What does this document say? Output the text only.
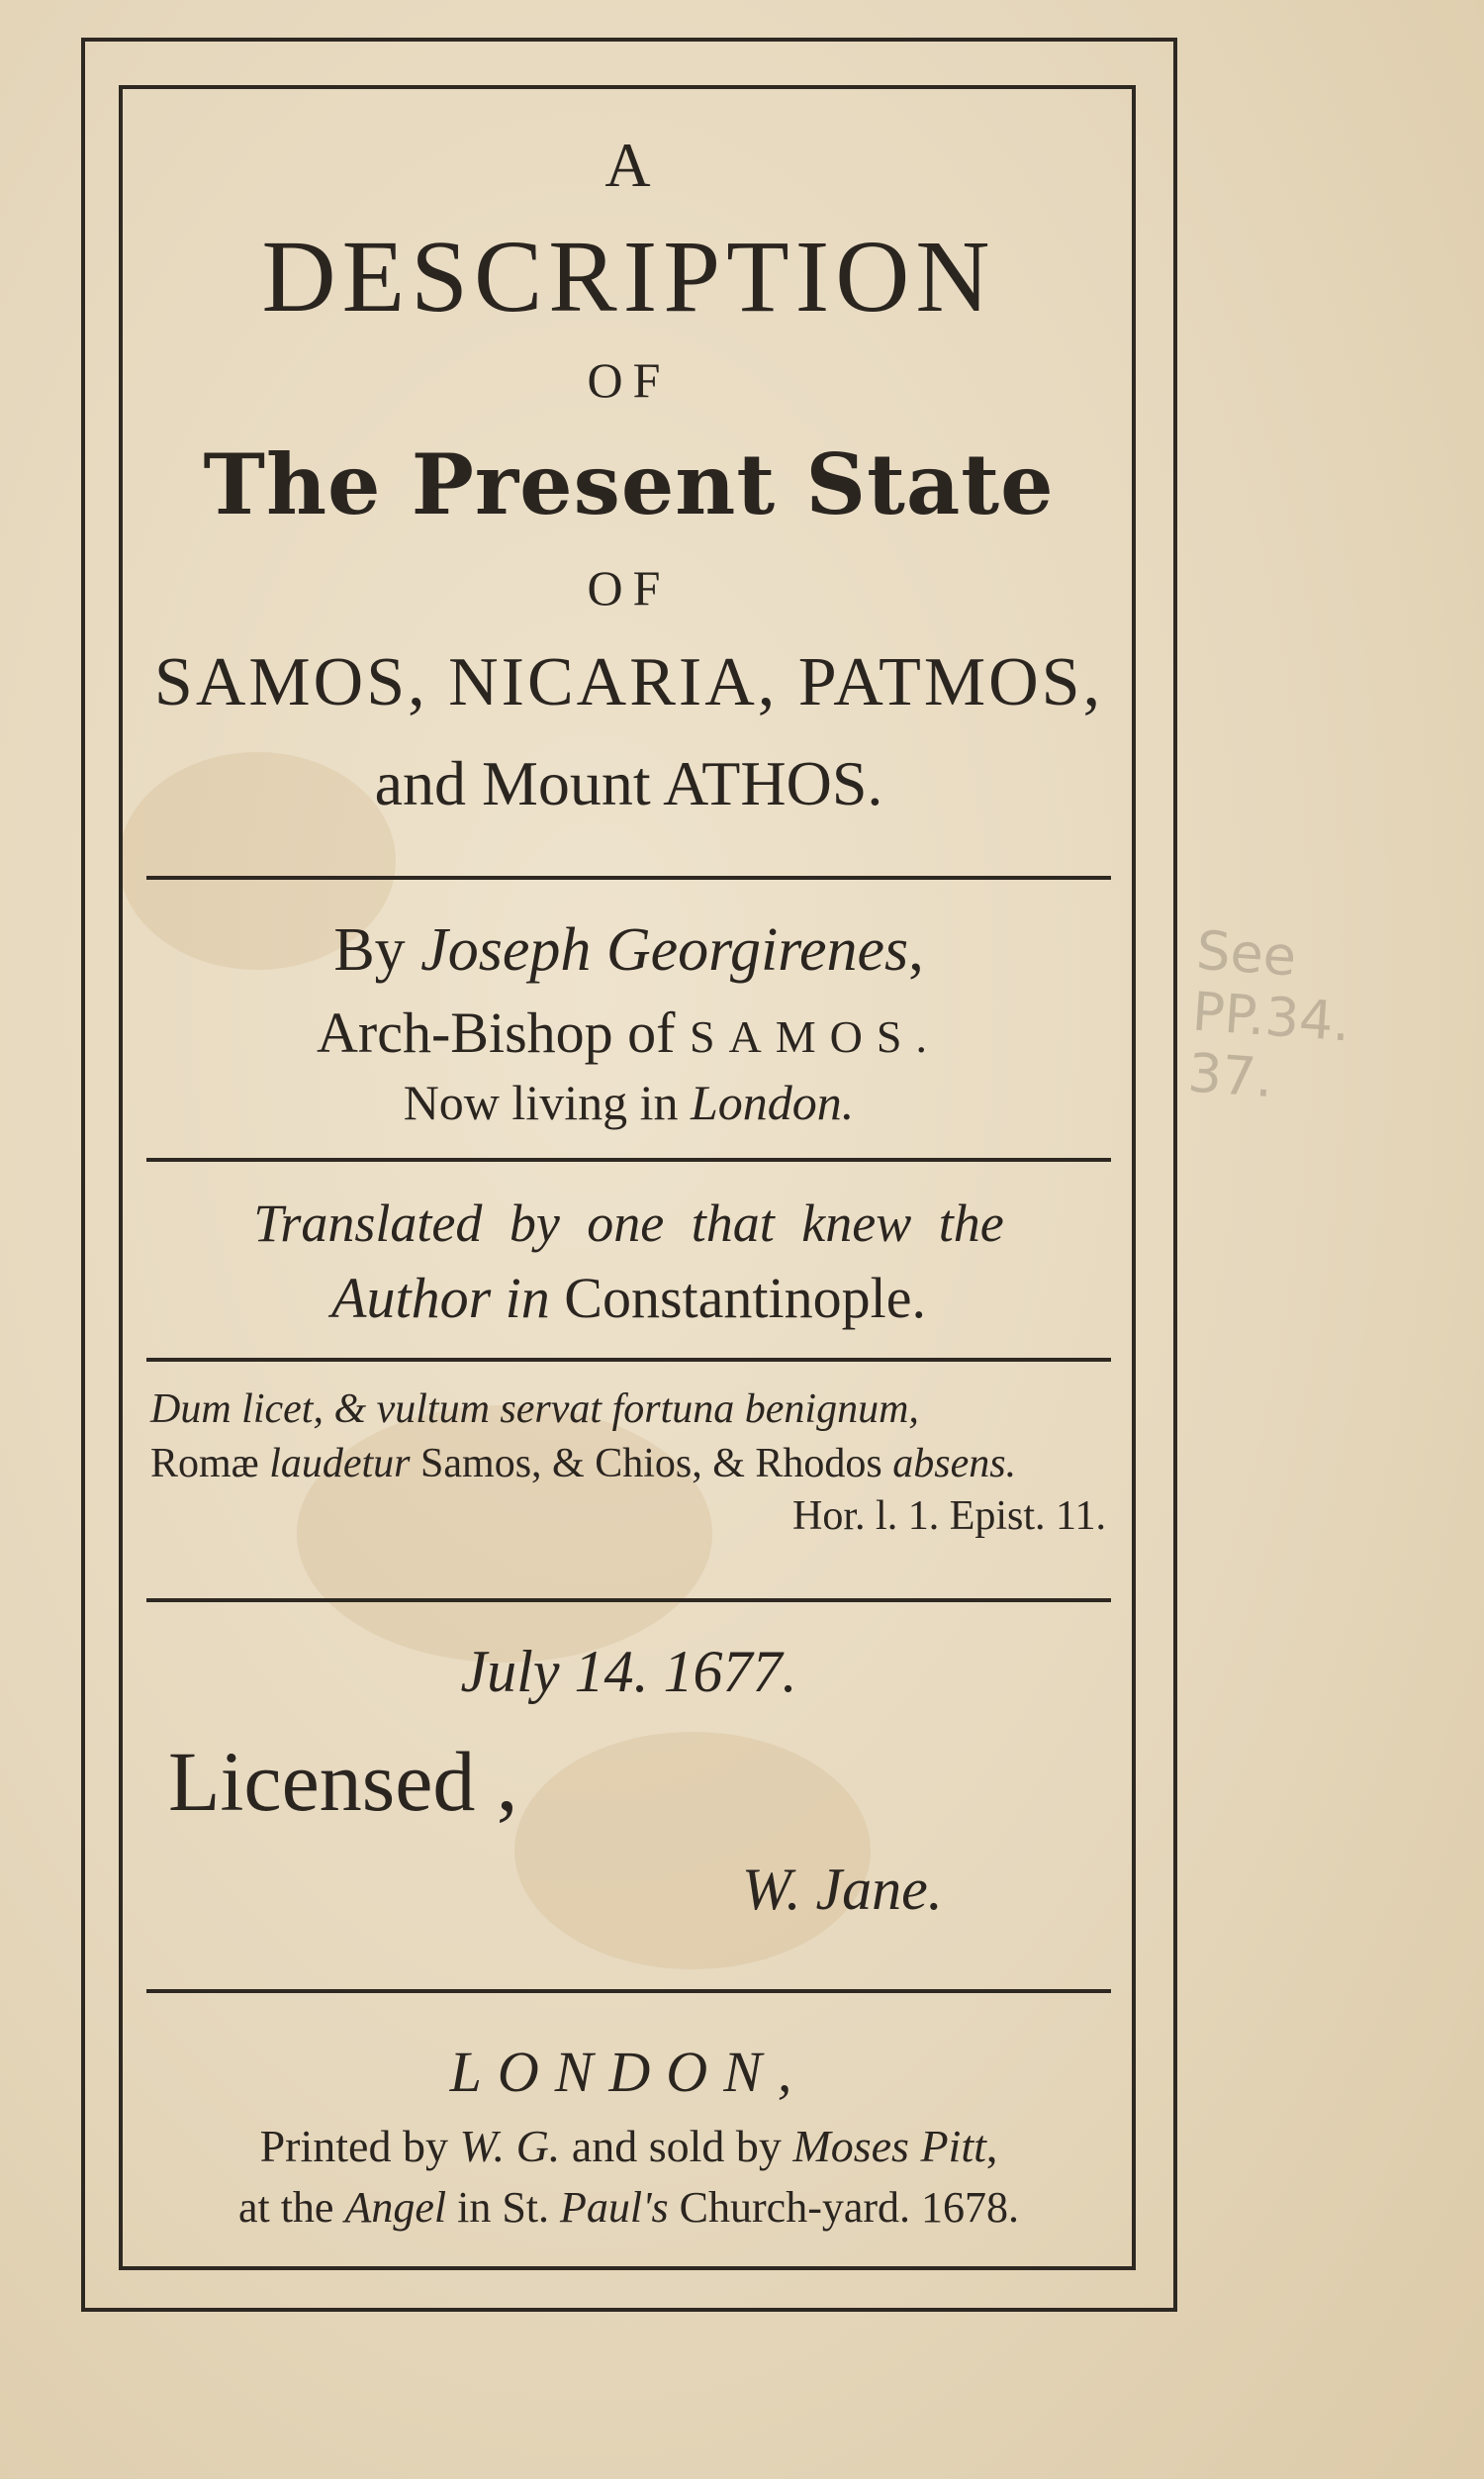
A
DESCRIPTION
OF
The Present State
OF
SAMOS, NICARIA, PATMOS,
and Mount ATHOS.
By Joseph Georgirenes,
Arch-Bishop of SAMOS.
Now living in London.
Translated by one that knew the
Author in Constantinople.
Dum licet, & vultum servat fortuna benignum,
Romæ laudetur Samos, & Chios, & Rhodos absens.
Hor. l. 1. Epist. 11.
July 14. 1677.
Licensed ,
W. Jane.
LONDON,
Printed by W. G. and sold by Moses Pitt,
at the Angel in St. Paul's Church-yard. 1678.
See
PP.34.
37.
